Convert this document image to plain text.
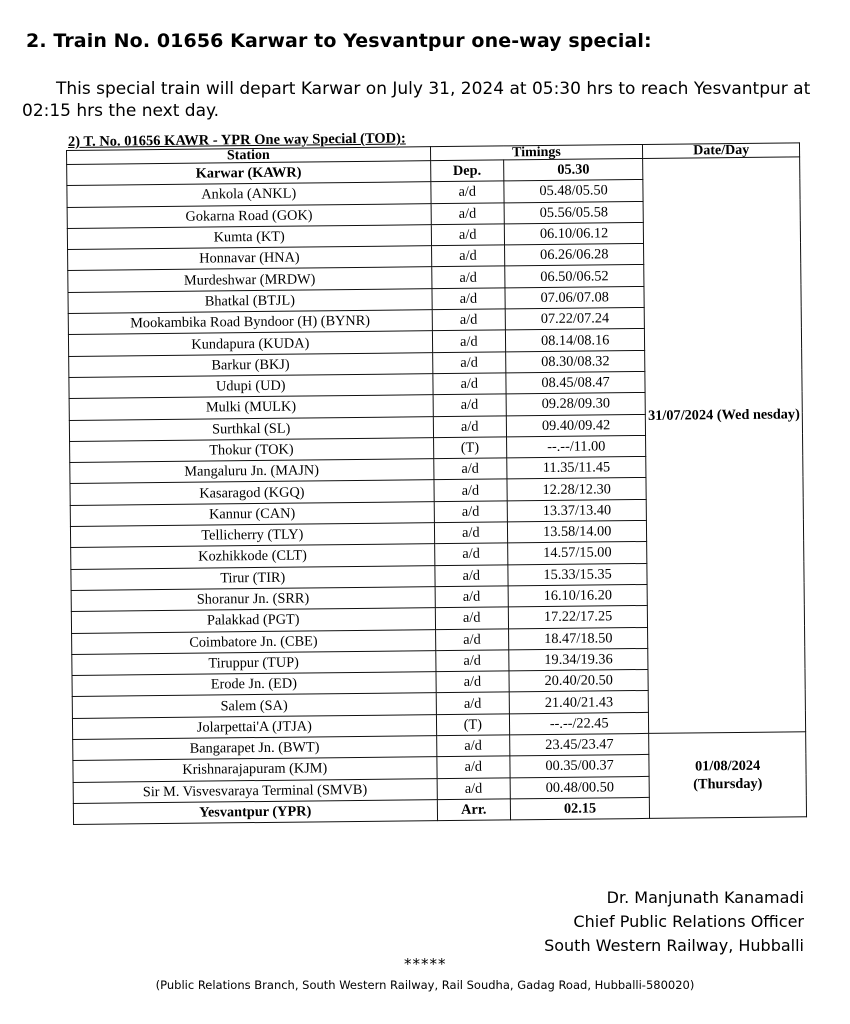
2. Train No. 01656 Karwar to Yesvantpur one-way special:
This special train will depart Karwar on July 31, 2024 at 05:30 hrs to reach Yesvantpur at 02:15 hrs the next day.
2) T. No. 01656 KAWR - YPR One way Special (TOD):
Station	Timings		Date/Day
Karwar (KAWR)	Dep.	05.30	31/07/2024 (Wed nesday)

Ankola (ANKL)	a/d	05.48/05.50	
Gokarna Road (GOK)	a/d	05.56/05.58	
Kumta (KT)	a/d	06.10/06.12	
Honnavar (HNA)	a/d	06.26/06.28	
Murdeshwar (MRDW)	a/d	06.50/06.52	
Bhatkal (BTJL)	a/d	07.06/07.08	
Mookambika Road Byndoor (H) (BYNR)	a/d	07.22/07.24	
Kundapura (KUDA)	a/d	08.14/08.16	
Barkur (BKJ)	a/d	08.30/08.32	
Udupi (UD)	a/d	08.45/08.47	
Mulki (MULK)	a/d	09.28/09.30	
Surthkal (SL)	a/d	09.40/09.42	
Thokur (TOK)	(T)	--.--/11.00	
Mangaluru Jn. (MAJN)	a/d	11.35/11.45	
Kasaragod (KGQ)	a/d	12.28/12.30	
Kannur (CAN)	a/d	13.37/13.40	
Tellicherry (TLY)	a/d	13.58/14.00	
Kozhikkode (CLT)	a/d	14.57/15.00	
Tirur (TIR)	a/d	15.33/15.35	
Shoranur Jn. (SRR)	a/d	16.10/16.20	
Palakkad (PGT)	a/d	17.22/17.25	
Coimbatore Jn. (CBE)	a/d	18.47/18.50	
Tiruppur (TUP)	a/d	19.34/19.36	
Erode Jn. (ED)	a/d	20.40/20.50	
Salem (SA)	a/d	21.40/21.43	
Jolarpettai'A (JTJA)	(T)	--.--/22.45	
Bangarapet Jn. (BWT)	a/d	23.45/23.47	01/08/2024
(Thursday)

Krishnarajapuram (KJM)	a/d	00.35/00.37	
Sir M. Visvesvaraya Terminal (SMVB)	a/d	00.48/00.50	
Yesvantpur (YPR)	Arr.	02.15	
Dr. Manjunath Kanamadi
Chief Public Relations Officer
South Western Railway, Hubballi
*****
(Public Relations Branch, South Western Railway, Rail Soudha, Gadag Road, Hubballi-580020)
